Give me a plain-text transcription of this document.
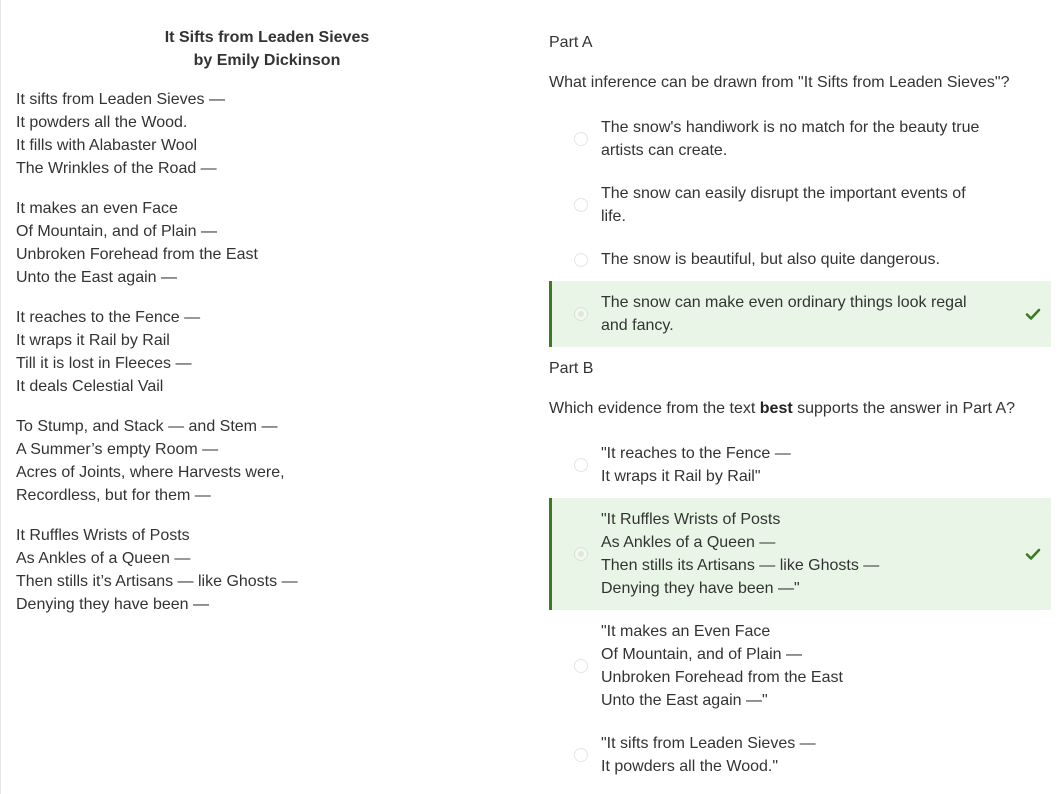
It Sifts from Leaden Sieves
by Emily Dickinson
It sifts from Leaden Sieves —
It powders all the Wood.
It fills with Alabaster Wool
The Wrinkles of the Road —
It makes an even Face
Of Mountain, and of Plain —
Unbroken Forehead from the East
Unto the East again —
It reaches to the Fence —
It wraps it Rail by Rail
Till it is lost in Fleeces —
It deals Celestial Vail
To Stump, and Stack — and Stem —
A Summer’s empty Room —
Acres of Joints, where Harvests were,
Recordless, but for them —
It Ruffles Wrists of Posts
As Ankles of a Queen —
Then stills it’s Artisans — like Ghosts —
Denying they have been —
Part A
What inference can be drawn from "It Sifts from Leaden Sieves"?
The snow's handiwork is no match for the beauty true
artists can create.
The snow can easily disrupt the important events of
life.
The snow is beautiful, but also quite dangerous.
The snow can make even ordinary things look regal
and fancy.
Part B
Which evidence from the text best supports the answer in Part A?
"It reaches to the Fence —
It wraps it Rail by Rail"
"It Ruffles Wrists of Posts
As Ankles of a Queen —
Then stills its Artisans — like Ghosts —
Denying they have been —"
"It makes an Even Face
Of Mountain, and of Plain —
Unbroken Forehead from the East
Unto the East again —"
"It sifts from Leaden Sieves —
It powders all the Wood."
